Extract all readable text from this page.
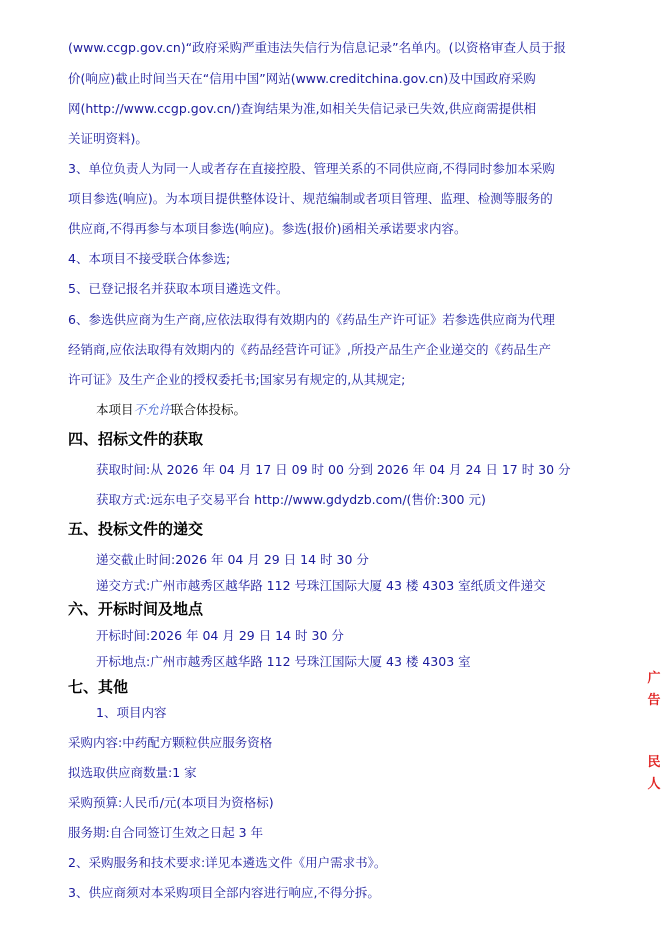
(www.ccgp.gov.cn)“政府采购严重违法失信行为信息记录”名单内。(以资格审查人员于报
价(响应)截止时间当天在“信用中国”网站(www.creditchina.gov.cn)及中国政府采购
网(http://www.ccgp.gov.cn/)查询结果为准,如相关失信记录已失效,供应商需提供相
关证明资料)。
3、单位负责人为同一人或者存在直接控股、管理关系的不同供应商,不得同时参加本采购
项目参选(响应)。为本项目提供整体设计、规范编制或者项目管理、监理、检测等服务的
供应商,不得再参与本项目参选(响应)。参选(报价)函相关承诺要求内容。
4、本项目不接受联合体参选;
5、已登记报名并获取本项目遴选文件。
6、参选供应商为生产商,应依法取得有效期内的《药品生产许可证》若参选供应商为代理
经销商,应依法取得有效期内的《药品经营许可证》,所投产品生产企业递交的《药品生产
许可证》及生产企业的授权委托书;国家另有规定的,从其规定;
本项目不允许联合体投标。
四、招标文件的获取
获取时间:从 2026 年 04 月 17 日 09 时 00 分到 2026 年 04 月 24 日 17 时 30 分
获取方式:远东电子交易平台 http://www.gdydzb.com/(售价:300 元)
五、投标文件的递交
递交截止时间:2026 年 04 月 29 日 14 时 30 分
递交方式:广州市越秀区越华路 112 号珠江国际大厦 43 楼 4303 室纸质文件递交
六、开标时间及地点
开标时间:2026 年 04 月 29 日 14 时 30 分
开标地点:广州市越秀区越华路 112 号珠江国际大厦 43 楼 4303 室
七、其他
1、项目内容
采购内容:中药配方颗粒供应服务资格
拟选取供应商数量:1 家
采购预算:人民币/元(本项目为资格标)
服务期:自合同签订生效之日起 3 年
2、采购服务和技术要求:详见本遴选文件《用户需求书》。
3、供应商须对本采购项目全部内容进行响应,不得分拆。
广
告
民
人
